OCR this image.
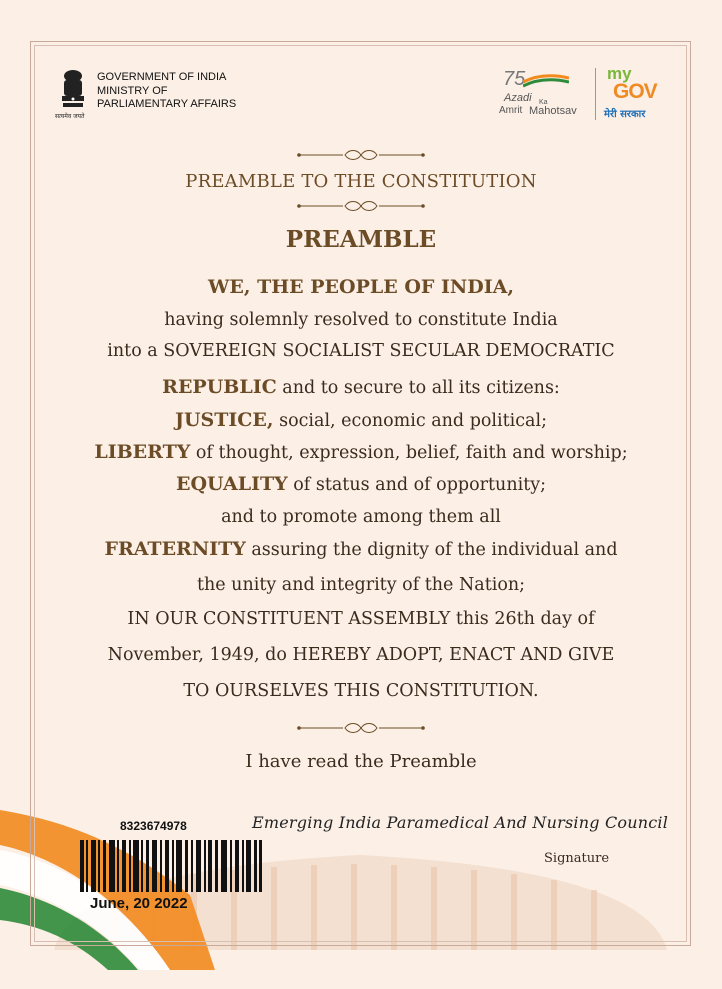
सत्यमेव जयते
GOVERNMENT OF INDIA
MINISTRY OF
PARLIAMENTARY AFFAIRS
75
Azadi Ka
Amrit Mahotsav
my
GOV
मेरी सरकार
PREAMBLE TO THE CONSTITUTION
PREAMBLE
WE, THE PEOPLE OF INDIA,
having solemnly resolved to constitute India
into a SOVEREIGN SOCIALIST SECULAR DEMOCRATIC
REPUBLIC and to secure to all its citizens:
JUSTICE, social, economic and political;
LIBERTY of thought, expression, belief, faith and worship;
EQUALITY of status and of opportunity;
and to promote among them all
FRATERNITY assuring the dignity of the individual and
the unity and integrity of the Nation;
IN OUR CONSTITUENT ASSEMBLY this 26th day of
November, 1949, do HEREBY ADOPT, ENACT AND GIVE
TO OURSELVES THIS CONSTITUTION.
I have read the Preamble
8323674978
June, 20 2022
Emerging India Paramedical And Nursing Council
Signature
